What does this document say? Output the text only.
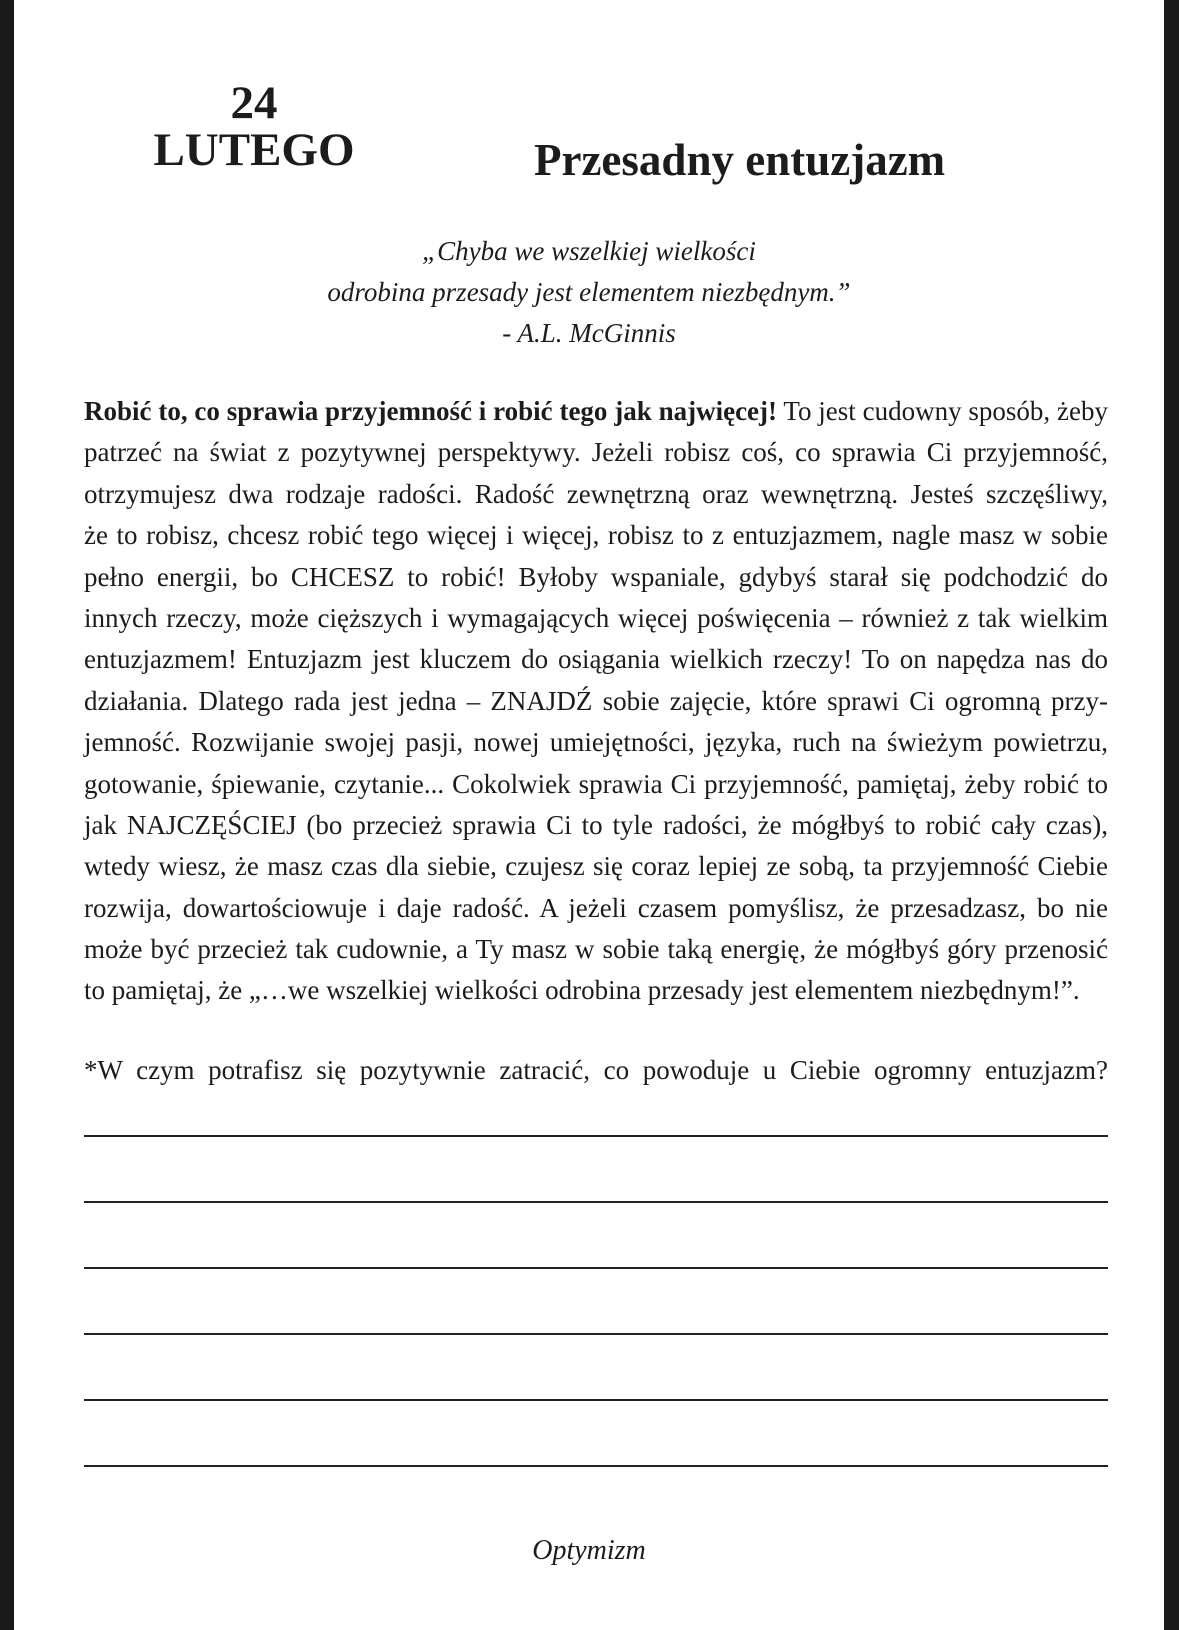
24
LUTEGO	Przesadny entuzjazm
„Chyba we wszelkiej wielkości
odrobina przesady jest elementem niezbędnym.”
- A.L. McGinnis
Robić to, co sprawia przyjemność i robić tego jak najwięcej! To jest cudowny sposób, żeby
patrzeć na świat z pozytywnej perspektywy. Jeżeli robisz coś, co sprawia Ci przyjemność,
otrzymujesz dwa rodzaje radości. Radość zewnętrzną oraz wewnętrzną. Jesteś szczęśliwy,
że to robisz, chcesz robić tego więcej i więcej, robisz to z entuzjazmem, nagle masz w sobie
pełno energii, bo CHCESZ to robić! Byłoby wspaniale, gdybyś starał się podchodzić do
innych rzeczy, może cięższych i wymagających więcej poświęcenia – również z tak wielkim
entuzjazmem! Entuzjazm jest kluczem do osiągania wielkich rzeczy! To on napędza nas do
działania. Dlatego rada jest jedna – ZNAJDŹ sobie zajęcie, które sprawi Ci ogromną przy-
jemność. Rozwijanie swojej pasji, nowej umiejętności, języka, ruch na świeżym powietrzu,
gotowanie, śpiewanie, czytanie... Cokolwiek sprawia Ci przyjemność, pamiętaj, żeby robić to
jak NAJCZĘŚCIEJ (bo przecież sprawia Ci to tyle radości, że mógłbyś to robić cały czas),
wtedy wiesz, że masz czas dla siebie, czujesz się coraz lepiej ze sobą, ta przyjemność Ciebie
rozwija, dowartościowuje i daje radość. A jeżeli czasem pomyślisz, że przesadzasz, bo nie
może być przecież tak cudownie, a Ty masz w sobie taką energię, że mógłbyś góry przenosić
to pamiętaj, że „…we wszelkiej wielkości odrobina przesady jest elementem niezbędnym!”.
*W czym potrafisz się pozytywnie zatracić, co powoduje u Ciebie ogromny entuzjazm?
Optymizm
